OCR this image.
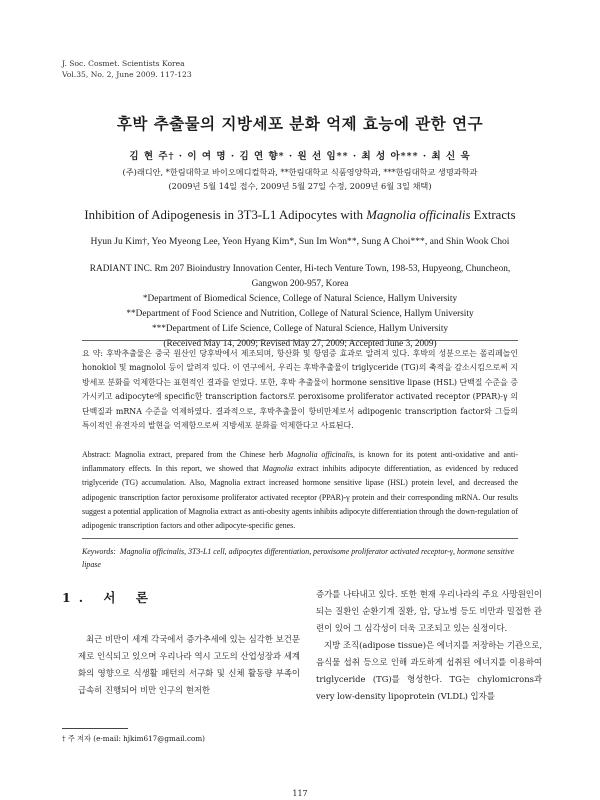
J. Soc. Cosmet. Scientists Korea
Vol.35, No. 2, June 2009. 117-123
후박 추출물의 지방세포 분화 억제 효능에 관한 연구
김 현 주† · 이 여 명 · 김 연 향* · 원 선 임** · 최 성 아*** · 최 신 욱
(주)래디안, *한림대학교 바이오메디컬학과, **한림대학교 식품영양학과, ***한림대학교 생명과학과
(2009년 5월 14일 접수, 2009년 5월 27일 수정, 2009년 6월 3일 채택)
Inhibition of Adipogenesis in 3T3-L1 Adipocytes with Magnolia officinalis Extracts
Hyun Ju Kim†, Yeo Myeong Lee, Yeon Hyang Kim*, Sun Im Won**, Sung A Choi***, and Shin Wook Choi
RADIANT INC. Rm 207 Bioindustry Innovation Center, Hi-tech Venture Town, 198-53, Hupyeong, Chuncheon,
Gangwon 200-957, Korea
*Department of Biomedical Science, College of Natural Science, Hallym University
**Department of Food Science and Nutrition, College of Natural Science, Hallym University
***Department of Life Science, College of Natural Science, Hallym University
(Received May 14, 2009; Revised May 27, 2009; Accepted June 3, 2009)
요 약: 후박추출물은 중국 원산인 당후박에서 제조되며, 항산화 및 항염증 효과로 알려져 있다. 후박의 성분으로는 폴리페놀인 honokiol 및 magnolol 등이 알려져 있다. 이 연구에서, 우리는 후박추출물이 triglyceride (TG)의 축적을 감소시킴으로써 지방세포 분화를 억제한다는 표현적인 결과를 얻었다. 또한, 후박 추출물이 hormone sensitive lipase (HSL) 단백질 수준을 증가시키고 adipocyte에 specific한 transcription factors로 peroxisome proliferator activated receptor (PPAR)-γ 의 단백질과 mRNA 수준을 억제하였다. 결과적으로, 후박추출물이 항비만제로서 adipogenic transcription factor와 그들의 특이적인 유전자의 발현을 억제함으로써 지방세포 분화를 억제한다고 사료된다.
Abstract: Magnolia extract, prepared from the Chinese herb Magnolia officinalis, is known for its potent anti-oxidative and anti-inflammatory effects. In this report, we showed that Magnolia extract inhibits adipocyte differentiation, as evidenced by reduced triglyceride (TG) accumulation. Also, Magnolia extract increased hormone sensitive lipase (HSL) protein level, and decreased the adipogenic transcription factor peroxisome proliferator activated receptor (PPAR)-γ protein and their corresponding mRNA. Our results suggest a potential application of Magnolia extract as anti-obesity agents inhibits adipocyte differentiation through the down-regulation of adipogenic transcription factors and other adipocyte-specific genes.
Keywords: Magnolia officinalis, 3T3-L1 cell, adipocytes differentiation, peroxisome proliferator activated receptor-γ, hormone sensitive lipase
1. 서 론
최근 비만이 세계 각국에서 증가추세에 있는 심각한 보건문제로 인식되고 있으며 우리나라 역시 고도의 산업성장과 세계화의 영향으로 식생활 패턴의 서구화 및 신체 활동량 부족이 급속히 진행되어 비만 인구의 현저한
증가를 나타내고 있다. 또한 현재 우리나라의 주요 사망원인이 되는 질환인 순환기계 질환, 암, 당뇨병 등도 비만과 밀접한 관련이 있어 그 심각성이 더욱 고조되고 있는 실정이다.
지방 조직(adipose tissue)은 에너지를 저장하는 기관으로, 음식물 섭취 등으로 인해 과도하게 섭취된 에너지를 이용하여 triglyceride (TG)를 형성한다. TG는 chylomicrons과 very low-density lipoprotein (VLDL) 입자를
† 주 저자 (e-mail: hjkim617@gmail.com)
117
